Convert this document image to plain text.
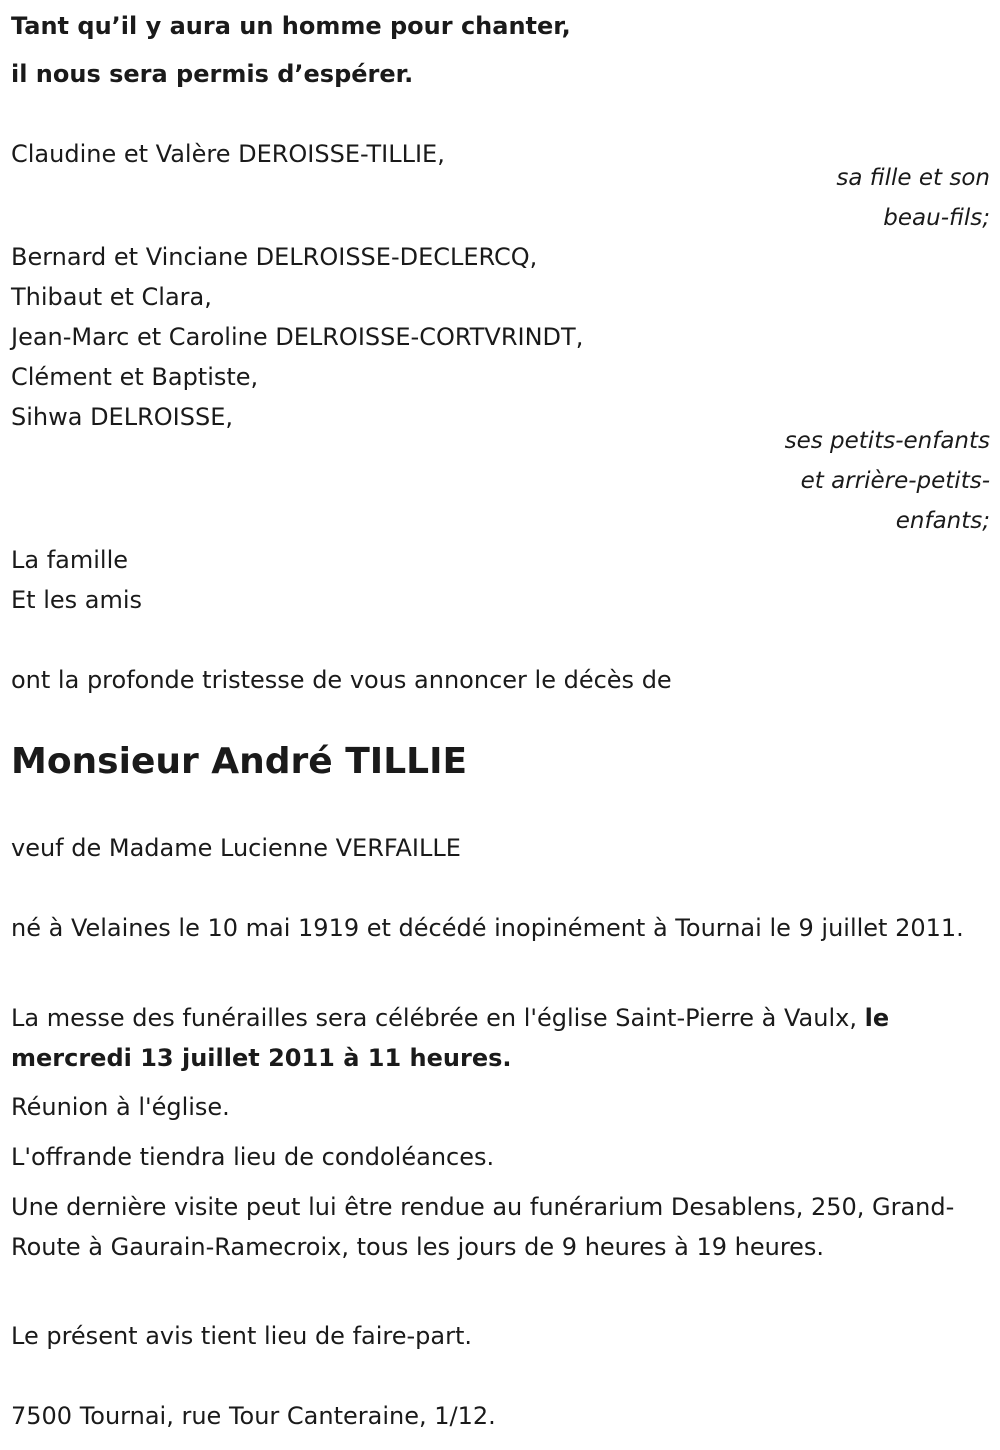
Tant qu’il y aura un homme pour chanter,
il nous sera permis d’espérer.
Claudine et Valère DEROISSE-TILLIE,
sa fille et son
beau-fils;
Bernard et Vinciane DELROISSE-DECLERCQ,
Thibaut et Clara,
Jean-Marc et Caroline DELROISSE-CORTVRINDT,
Clément et Baptiste,
Sihwa DELROISSE,
ses petits-enfants
et arrière-petits-
enfants;
La famille
Et les amis
ont la profonde tristesse de vous annoncer le décès de
Monsieur André TILLIE
veuf de Madame Lucienne VERFAILLE
né à Velaines le 10 mai 1919 et décédé inopinément à Tournai le 9 juillet 2011.
La messe des funérailles sera célébrée en l'église Saint-Pierre à Vaulx, le mercredi 13 juillet 2011 à 11 heures.
Réunion à l'église.
L'offrande tiendra lieu de condoléances.
Une dernière visite peut lui être rendue au funérarium Desablens, 250, Grand-Route à Gaurain-Ramecroix, tous les jours de 9 heures à 19 heures.
Le présent avis tient lieu de faire-part.
7500 Tournai, rue Tour Canteraine, 1/12.
